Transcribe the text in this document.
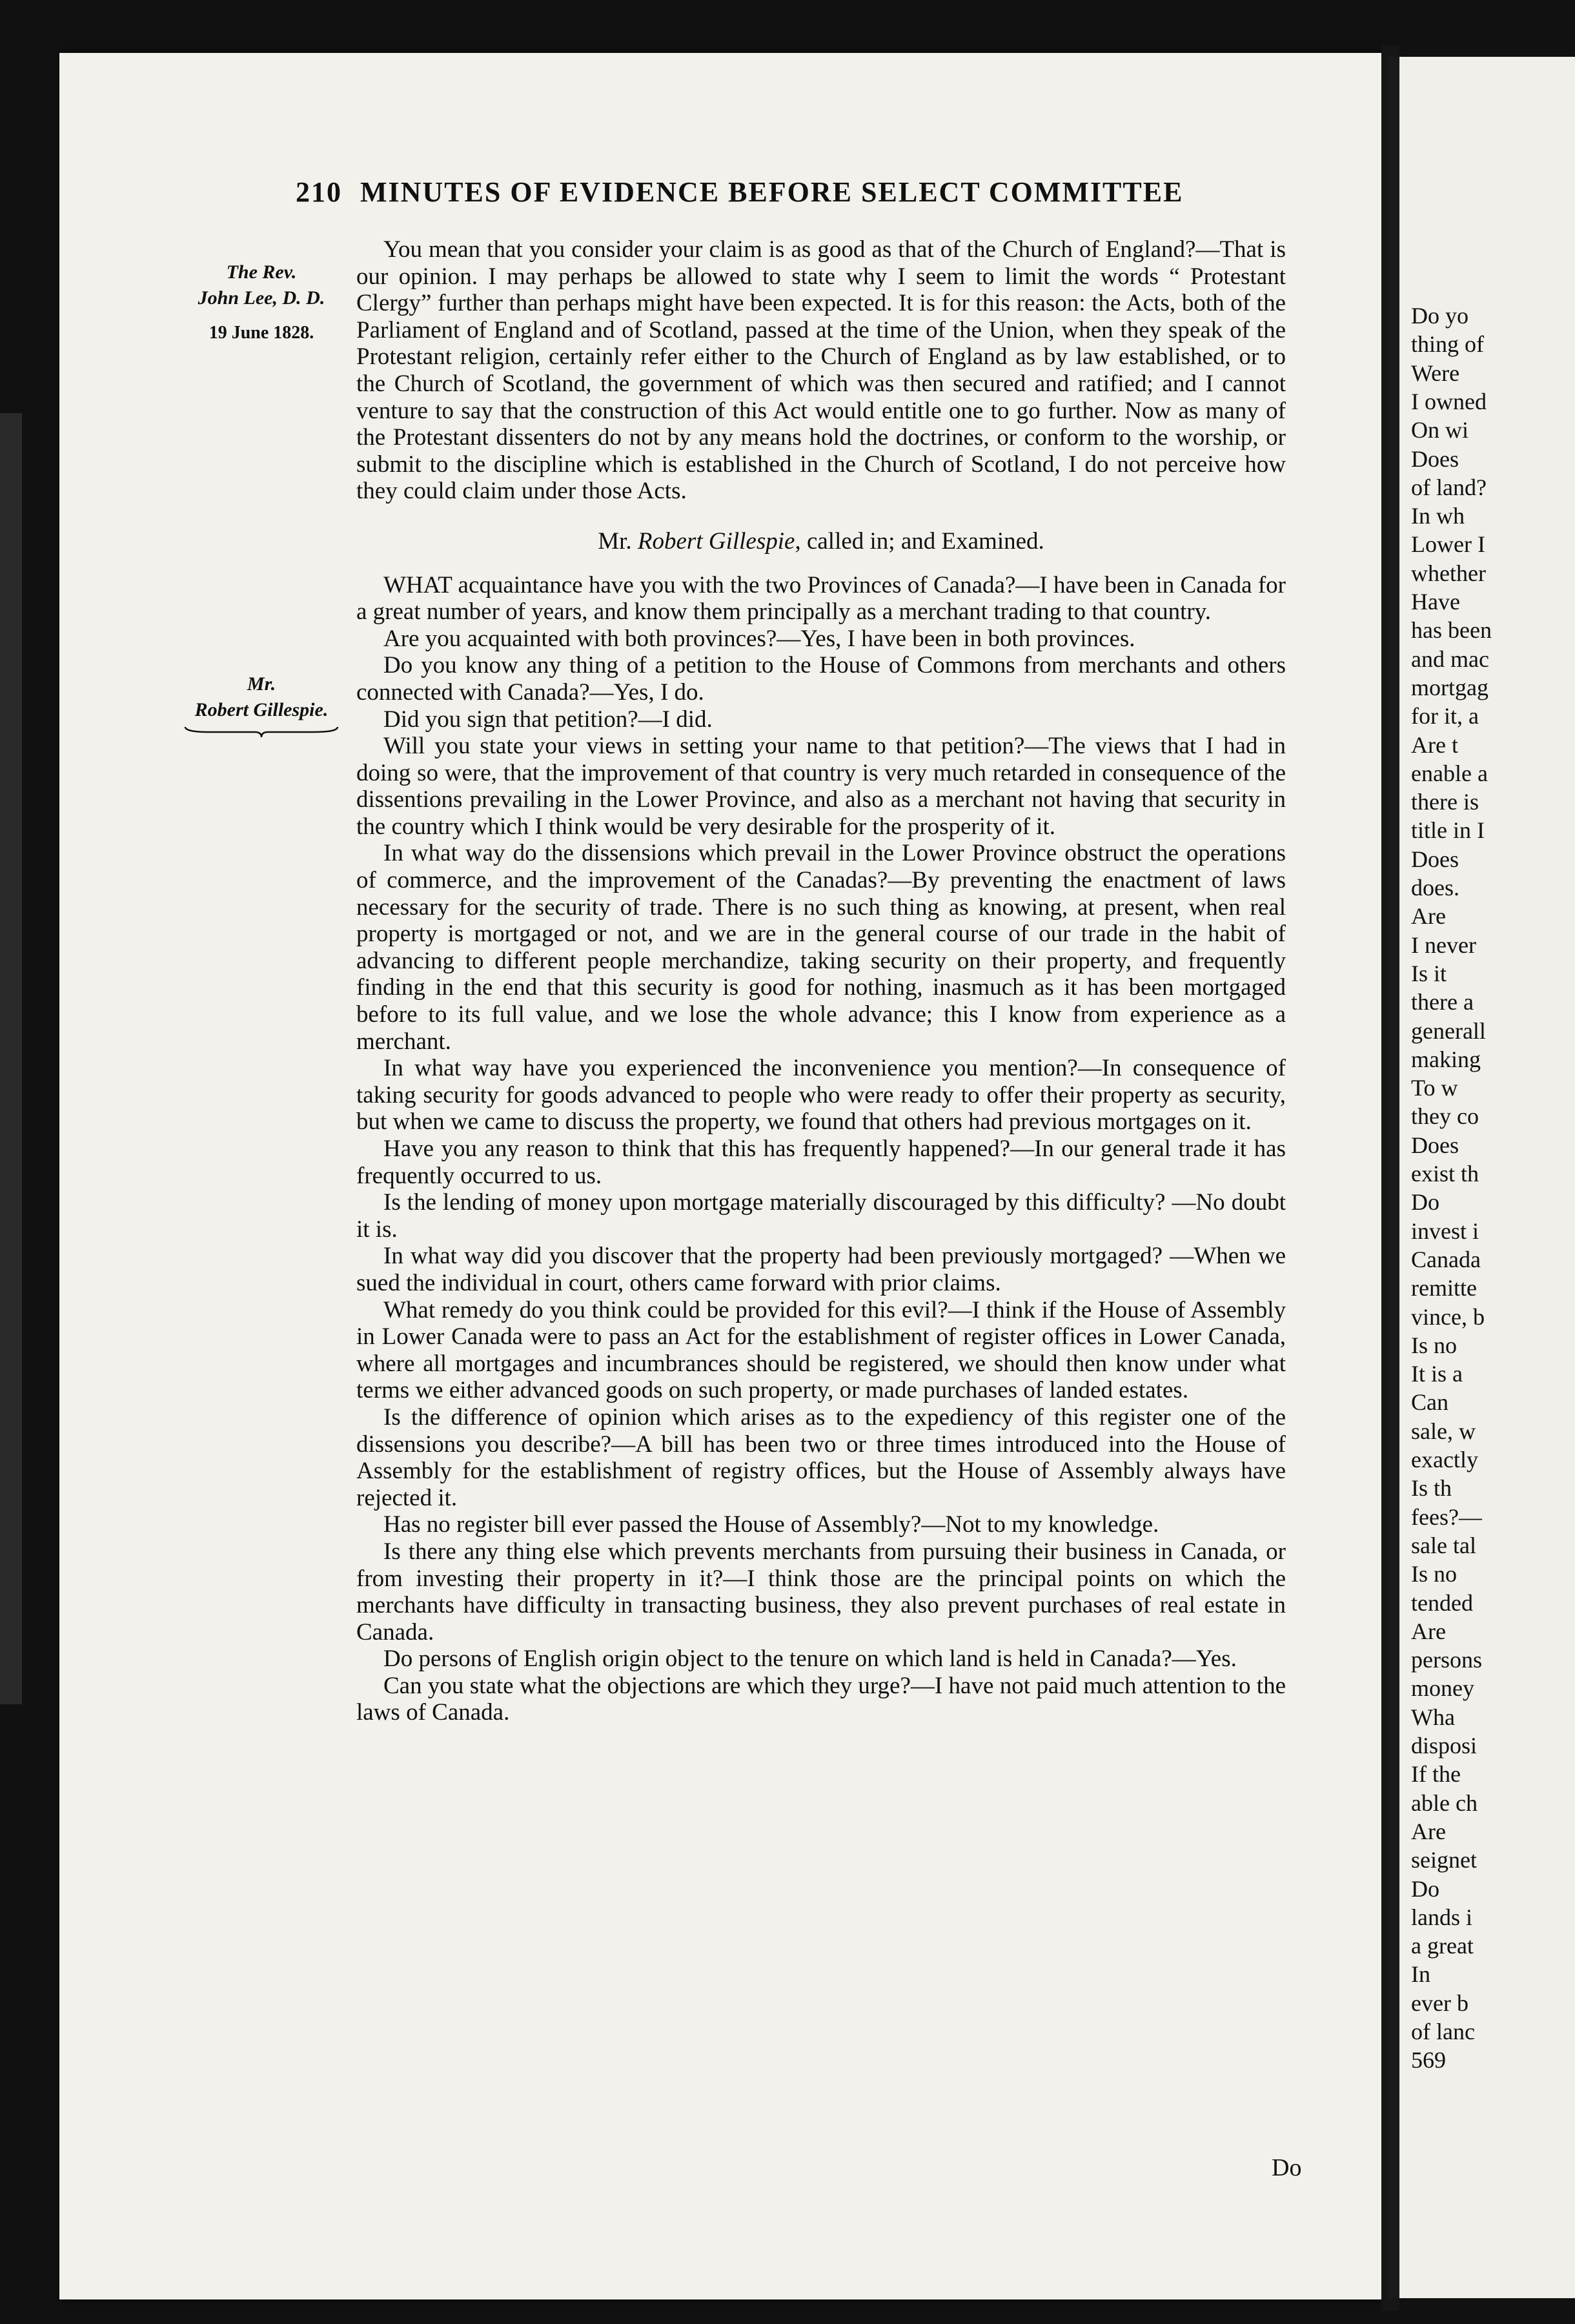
Do yo
thing of
Were
I owned
On wi
Does
of land?
In wh
Lower I
whether
Have
has been
and mac
mortgag
for it, a
Are t
enable a
there is
title in I
Does
does.
Are
I never
Is it
there a
generall
making
To w
they co
Does
exist th
Do
invest i
Canada
remitte
vince, b
Is no
It is a
Can
sale, w
exactly
Is th
fees?—
sale tal
Is no
tended
Are
persons
money
Wha
disposi
If the
able ch
Are
seignet
Do
lands i
a great
In
ever b
of lanc
569
210 MINUTES OF EVIDENCE BEFORE SELECT COMMITTEE
The Rev.
John Lee, D. D.
19 June 1828.
Mr.
Robert Gillespie.

You mean that you consider your claim is as good as that of the Church of England?—That is our opinion. I may perhaps be allowed to state why I seem to limit the words “ Protestant Clergy” further than perhaps might have been expected. It is for this reason: the Acts, both of the Parliament of England and of Scotland, passed at the time of the Union, when they speak of the Protestant religion, certainly refer either to the Church of England as by law established, or to the Church of Scotland, the government of which was then secured and ratified; and I cannot venture to say that the construction of this Act would entitle one to go further. Now as many of the Protestant dissenters do not by any means hold the doctrines, or conform to the worship, or submit to the discipline which is established in the Church of Scotland, I do not perceive how they could claim under those Acts.

Mr. Robert Gillespie, called in; and Examined.

WHAT acquaintance have you with the two Provinces of Canada?—I have been in Canada for a great number of years, and know them principally as a merchant trading to that country.

Are you acquainted with both provinces?—Yes, I have been in both provinces.

Do you know any thing of a petition to the House of Commons from merchants and others connected with Canada?—Yes, I do.

Did you sign that petition?—I did.

Will you state your views in setting your name to that petition?—The views that I had in doing so were, that the improvement of that country is very much retarded in consequence of the dissentions prevailing in the Lower Province, and also as a merchant not having that security in the country which I think would be very desirable for the prosperity of it.

In what way do the dissensions which prevail in the Lower Province obstruct the operations of commerce, and the improvement of the Canadas?—By preventing the enactment of laws necessary for the security of trade. There is no such thing as knowing, at present, when real property is mortgaged or not, and we are in the general course of our trade in the habit of advancing to different people merchandize, taking security on their property, and frequently finding in the end that this security is good for nothing, inasmuch as it has been mortgaged before to its full value, and we lose the whole advance; this I know from experience as a merchant.

In what way have you experienced the inconvenience you mention?—In consequence of taking security for goods advanced to people who were ready to offer their property as security, but when we came to discuss the property, we found that others had previous mortgages on it.

Have you any reason to think that this has frequently happened?—In our general trade it has frequently occurred to us.

Is the lending of money upon mortgage materially discouraged by this difficulty? —No doubt it is.

In what way did you discover that the property had been previously mortgaged? —When we sued the individual in court, others came forward with prior claims.

What remedy do you think could be provided for this evil?—I think if the House of Assembly in Lower Canada were to pass an Act for the establishment of register offices in Lower Canada, where all mortgages and incumbrances should be registered, we should then know under what terms we either advanced goods on such property, or made purchases of landed estates.

Is the difference of opinion which arises as to the expediency of this register one of the dissensions you describe?—A bill has been two or three times introduced into the House of Assembly for the establishment of registry offices, but the House of Assembly always have rejected it.

Has no register bill ever passed the House of Assembly?—Not to my knowledge.

Is there any thing else which prevents merchants from pursuing their business in Canada, or from investing their property in it?—I think those are the principal points on which the merchants have difficulty in transacting business, they also prevent purchases of real estate in Canada.

Do persons of English origin object to the tenure on which land is held in Canada?—Yes.

Can you state what the objections are which they urge?—I have not paid much attention to the laws of Canada.

Do
